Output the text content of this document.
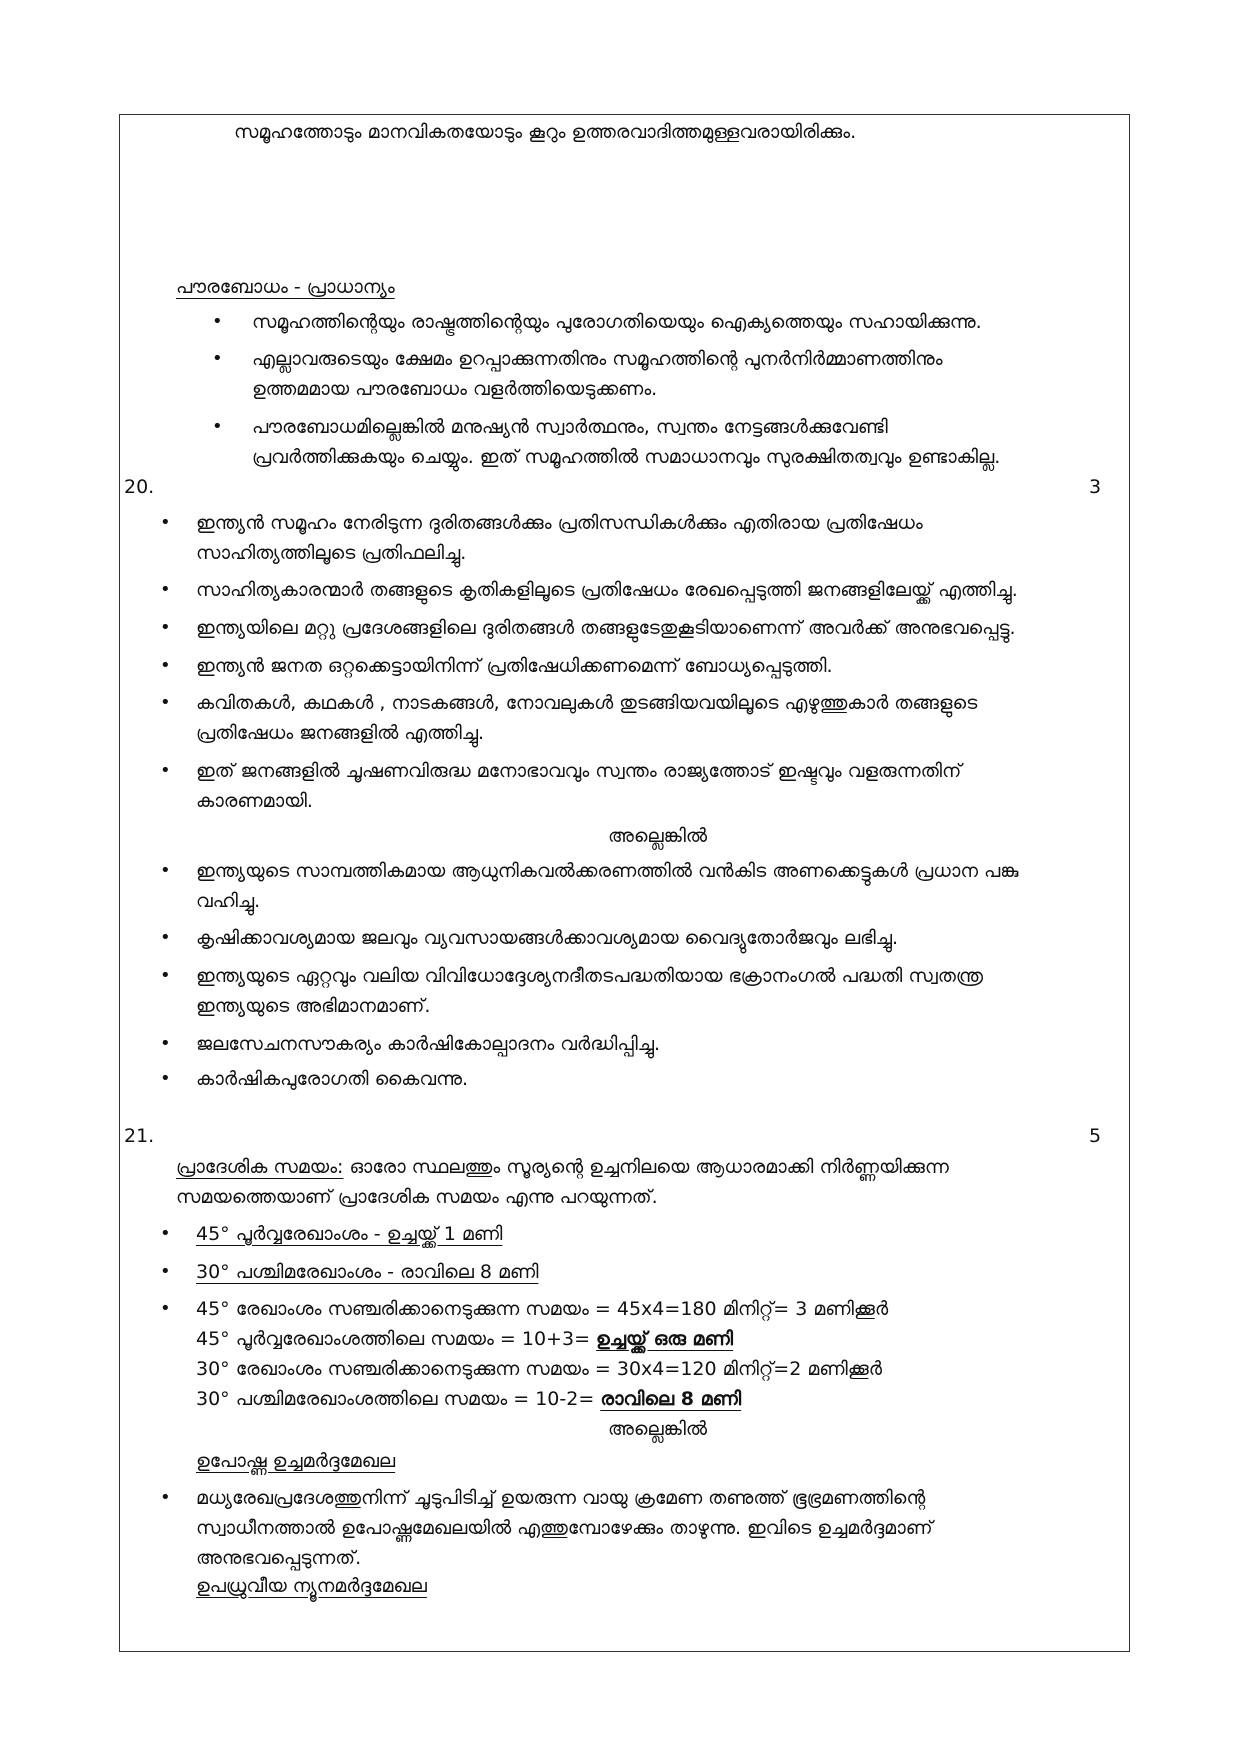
സമൂഹത്തോടും മാനവികതയോടും കൂറും ഉത്തരവാദിത്തമുള്ളവരായിരിക്കും.
പൗരബോധം - പ്രാധാന്യം
• സമൂഹത്തിന്റെയും രാഷ്ട്രത്തിന്റെയും പുരോഗതിയെയും ഐക്യത്തെയും സഹായിക്കുന്നു.
• എല്ലാവരുടെയും ക്ഷേമം ഉറപ്പാക്കുന്നതിനും സമൂഹത്തിന്റെ പുനർനിർമ്മാണത്തിനും
ഉത്തമമായ പൗരബോധം വളർത്തിയെടുക്കണം.
• പൗരബോധമില്ലെങ്കിൽ മനുഷ്യൻ സ്വാർത്ഥനും, സ്വന്തം നേട്ടങ്ങൾക്കുവേണ്ടി
പ്രവർത്തിക്കുകയും ചെയ്യും. ഇത് സമൂഹത്തിൽ സമാധാനവും സുരക്ഷിതത്വവും ഉണ്ടാകില്ല.
20.	3
• ഇന്ത്യൻ സമൂഹം നേരിടുന്ന ദുരിതങ്ങൾക്കും പ്രതിസന്ധികൾക്കും എതിരായ പ്രതിഷേധം
സാഹിത്യത്തിലൂടെ പ്രതിഫലിച്ചു.
• സാഹിത്യകാരന്മാർ തങ്ങളുടെ കൃതികളിലൂടെ പ്രതിഷേധം രേഖപ്പെടുത്തി ജനങ്ങളിലേയ്ക്ക് എത്തിച്ചു.
• ഇന്ത്യയിലെ മറ്റു പ്രദേശങ്ങളിലെ ദുരിതങ്ങൾ തങ്ങളുടേതുകൂടിയാണെന്ന് അവർക്ക് അനുഭവപ്പെട്ടു.
• ഇന്ത്യൻ ജനത ഒറ്റക്കെട്ടായിനിന്ന് പ്രതിഷേധിക്കണമെന്ന് ബോധ്യപ്പെടുത്തി.
• കവിതകൾ, കഥകൾ , നാടകങ്ങൾ, നോവലുകൾ തുടങ്ങിയവയിലൂടെ എഴുത്തുകാർ തങ്ങളുടെ
പ്രതിഷേധം ജനങ്ങളിൽ എത്തിച്ചു.
• ഇത് ജനങ്ങളിൽ ചൂഷണവിരുദ്ധ മനോഭാവവും സ്വന്തം രാജ്യത്തോട് ഇഷ്ടവും വളരുന്നതിന്
കാരണമായി.
അല്ലെങ്കിൽ
• ഇന്ത്യയുടെ സാമ്പത്തികമായ ആധുനികവൽക്കരണത്തിൽ വൻകിട അണക്കെട്ടുകൾ പ്രധാന പങ്കു
വഹിച്ചു.
• കൃഷിക്കാവശ്യമായ ജലവും വ്യവസായങ്ങൾക്കാവശ്യമായ വൈദ്യുതോർജവും ലഭിച്ചു.
• ഇന്ത്യയുടെ ഏറ്റവും വലിയ വിവിധോദ്ദേശ്യനദീതടപദ്ധതിയായ ഭക്രാനംഗൽ പദ്ധതി സ്വതന്ത്ര
ഇന്ത്യയുടെ അഭിമാനമാണ്.
• ജലസേചനസൗകര്യം കാർഷികോല്പാദനം വർദ്ധിപ്പിച്ചു.
• കാർഷികപുരോഗതി കൈവന്നു.
21.	5
പ്രാദേശിക സമയം: ഓരോ സ്ഥലത്തും സൂര്യന്റെ ഉച്ചനിലയെ ആധാരമാക്കി നിർണ്ണയിക്കുന്ന
സമയത്തെയാണ് പ്രാദേശിക സമയം എന്നു പറയുന്നത്.
• 45° പൂർവ്വരേഖാംശം - ഉച്ചയ്ക്ക് 1 മണി
• 30° പശ്ചിമരേഖാംശം - രാവിലെ 8 മണി
• 45° രേഖാംശം സഞ്ചരിക്കാനെടുക്കുന്ന സമയം = 45x4=180 മിനിറ്റ്= 3 മണിക്കൂർ
45° പൂർവ്വരേഖാംശത്തിലെ സമയം = 10+3= ഉച്ചയ്ക്ക് ഒരു മണി
30° രേഖാംശം സഞ്ചരിക്കാനെടുക്കുന്ന സമയം = 30x4=120 മിനിറ്റ്=2 മണിക്കൂർ
30° പശ്ചിമരേഖാംശത്തിലെ സമയം = 10-2= രാവിലെ 8 മണി
അല്ലെങ്കിൽ
ഉപോഷ്ണ ഉച്ചമർദ്ദമേഖല
• മധ്യരേഖപ്രദേശത്തുനിന്ന് ചൂടുപിടിച്ച് ഉയരുന്ന വായു ക്രമേണ തണുത്ത് ഭൂഭ്രമണത്തിന്റെ
സ്വാധീനത്താൽ ഉപോഷ്ണമേഖലയിൽ എത്തുമ്പോഴേക്കും താഴുന്നു. ഇവിടെ ഉച്ചമർദ്ദമാണ്
അനുഭവപ്പെടുന്നത്.
ഉപധ്രുവീയ ന്യൂനമർദ്ദമേഖല
